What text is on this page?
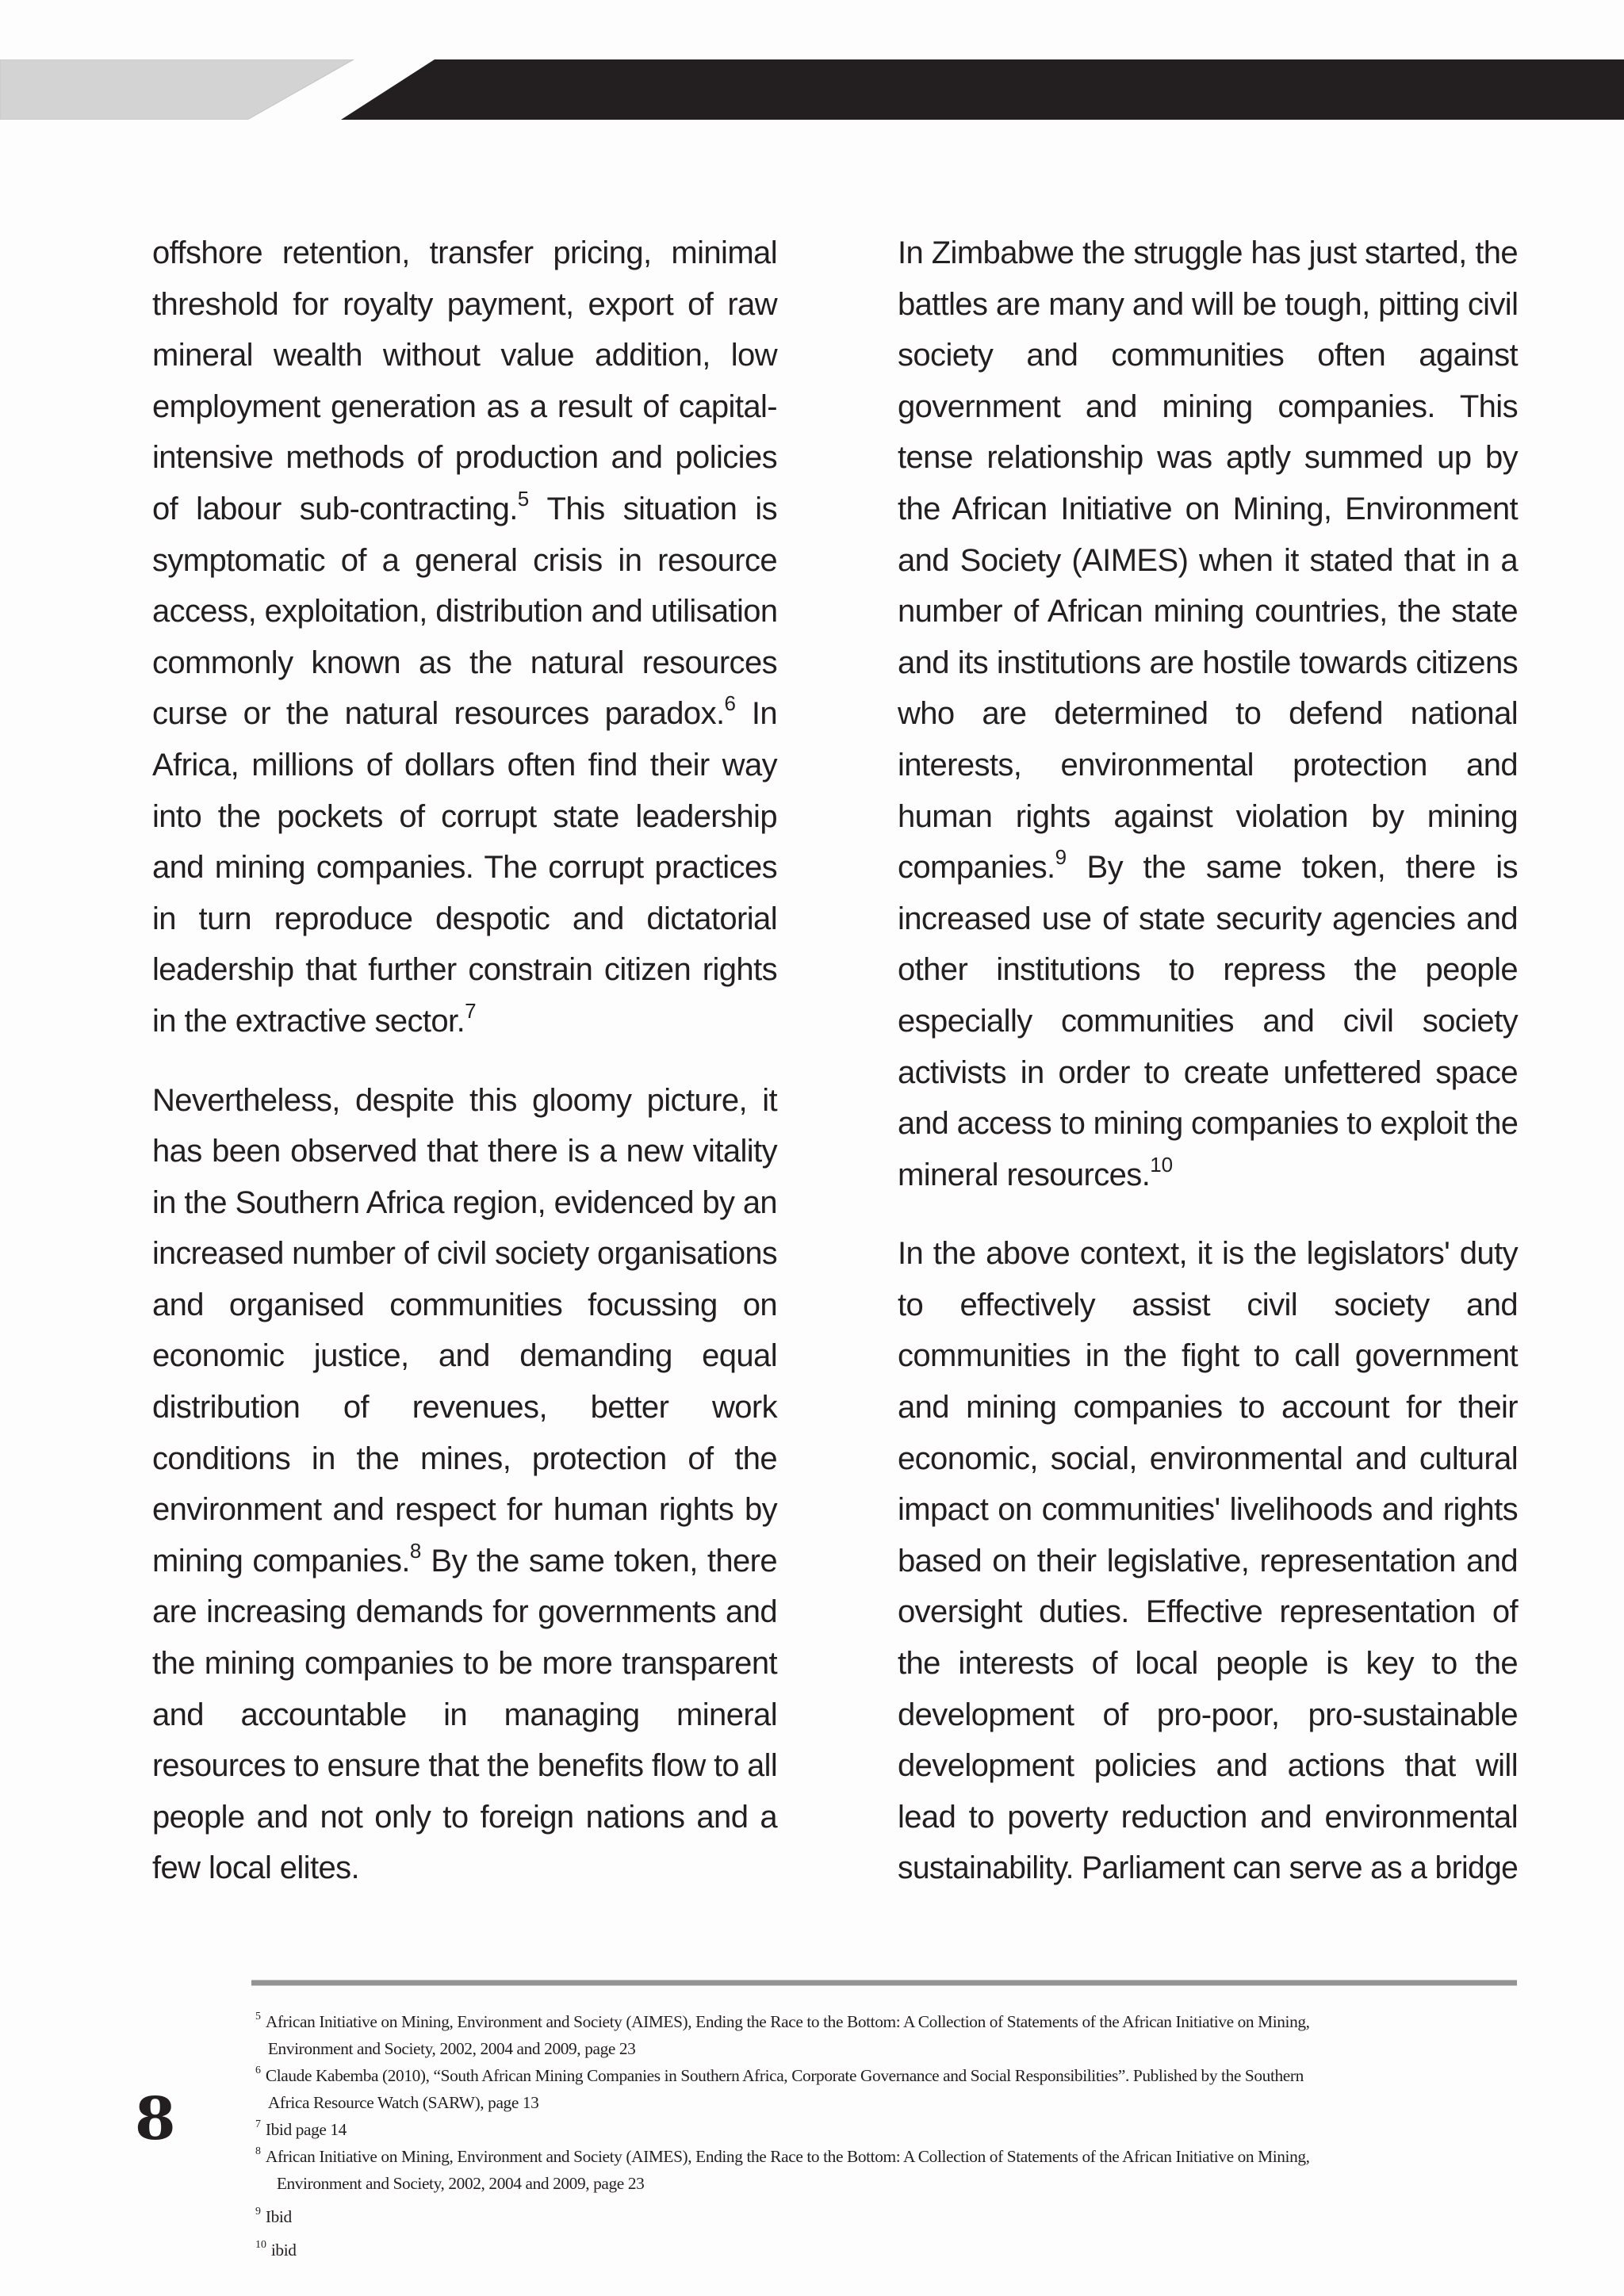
offshore retention, transfer pricing, minimal
threshold for royalty payment, export of raw
mineral wealth without value addition, low
employment generation as a result of capital-
intensive methods of production and policies
of labour sub-contracting.$^5$ This situation is
symptomatic of a general crisis in resource
access, exploitation, distribution and utilisation
commonly known as the natural resources
curse or the natural resources paradox.$^6$ In
Africa, millions of dollars often find their way
into the pockets of corrupt state leadership
and mining companies. The corrupt practices
in turn reproduce despotic and dictatorial
leadership that further constrain citizen rights
in the extractive sector.$^7$
Nevertheless, despite this gloomy picture, it
has been observed that there is a new vitality
in the Southern Africa region, evidenced by an
increased number of civil society organisations
and organised communities focussing on
economic justice, and demanding equal
distribution of revenues, better work
conditions in the mines, protection of the
environment and respect for human rights by
mining companies.$^8$ By the same token, there
are increasing demands for governments and
the mining companies to be more transparent
and accountable in managing mineral
resources to ensure that the benefits flow to all
people and not only to foreign nations and a
few local elites.
In Zimbabwe the struggle has just started, the
battles are many and will be tough, pitting civil
society and communities often against
government and mining companies. This
tense relationship was aptly summed up by
the African Initiative on Mining, Environment
and Society (AIMES) when it stated that in a
number of African mining countries, the state
and its institutions are hostile towards citizens
who are determined to defend national
interests, environmental protection and
human rights against violation by mining
companies.$^9$ By the same token, there is
increased use of state security agencies and
other institutions to repress the people
especially communities and civil society
activists in order to create unfettered space
and access to mining companies to exploit the
mineral resources.$^{10}$
In the above context, it is the legislators' duty
to effectively assist civil society and
communities in the fight to call government
and mining companies to account for their
economic, social, environmental and cultural
impact on communities' livelihoods and rights
based on their legislative, representation and
oversight duties. Effective representation of
the interests of local people is key to the
development of pro-poor, pro-sustainable
development policies and actions that will
lead to poverty reduction and environmental
sustainability. Parliament can serve as a bridge
8
$^5$ African Initiative on Mining, Environment and Society (AIMES), Ending the Race to the Bottom: A Collection of Statements of the African Initiative on Mining,
Environment and Society, 2002, 2004 and 2009, page 23
$^6$ Claude Kabemba (2010), “South African Mining Companies in Southern Africa, Corporate Governance and Social Responsibilities”. Published by the Southern
Africa Resource Watch (SARW), page 13
$^7$ Ibid page 14
$^8$ African Initiative on Mining, Environment and Society (AIMES), Ending the Race to the Bottom: A Collection of Statements of the African Initiative on Mining,
Environment and Society, 2002, 2004 and 2009, page 23
$^9$ Ibid
$^{10}$ ibid
